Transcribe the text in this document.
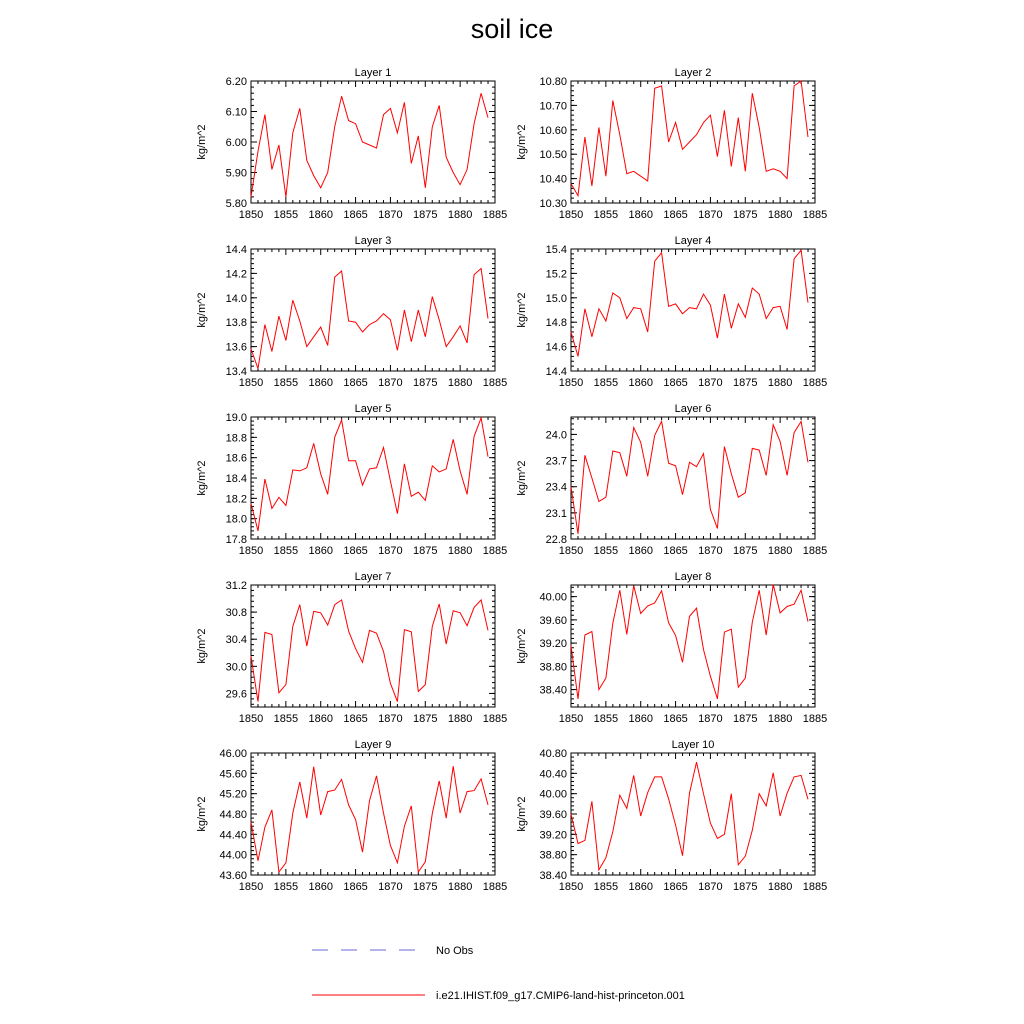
soil ice
Layer 1
1850 1855 1860 1865 1870 1875 1880 1885
5.80
5.90
6.00
6.10
6.20
kg/m^2
Layer 2
1850 1855 1860 1865 1870 1875 1880 1885
10.30
10.40
10.50
10.60
10.70
10.80
kg/m^2
Layer 3
1850 1855 1860 1865 1870 1875 1880 1885
13.4
13.6
13.8
14.0
14.2
14.4
kg/m^2
Layer 4
1850 1855 1860 1865 1870 1875 1880 1885
14.4
14.6
14.8
15.0
15.2
15.4
kg/m^2
Layer 5
1850 1855 1860 1865 1870 1875 1880 1885
17.8
18.0
18.2
18.4
18.6
18.8
19.0
kg/m^2
Layer 6
1850 1855 1860 1865 1870 1875 1880 1885
22.8
23.1
23.4
23.7
24.0
kg/m^2
Layer 7
1850 1855 1860 1865 1870 1875 1880 1885
29.6
30.0
30.4
30.8
31.2
kg/m^2
Layer 8
1850 1855 1860 1865 1870 1875 1880 1885
38.40
38.80
39.20
39.60
40.00
kg/m^2
Layer 9
1850 1855 1860 1865 1870 1875 1880 1885
43.60
44.00
44.40
44.80
45.20
45.60
46.00
kg/m^2
Layer 10
1850 1855 1860 1865 1870 1875 1880 1885
38.40
38.80
39.20
39.60
40.00
40.40
40.80
kg/m^2
No Obs
i.e21.IHIST.f09_g17.CMIP6-land-hist-princeton.001
